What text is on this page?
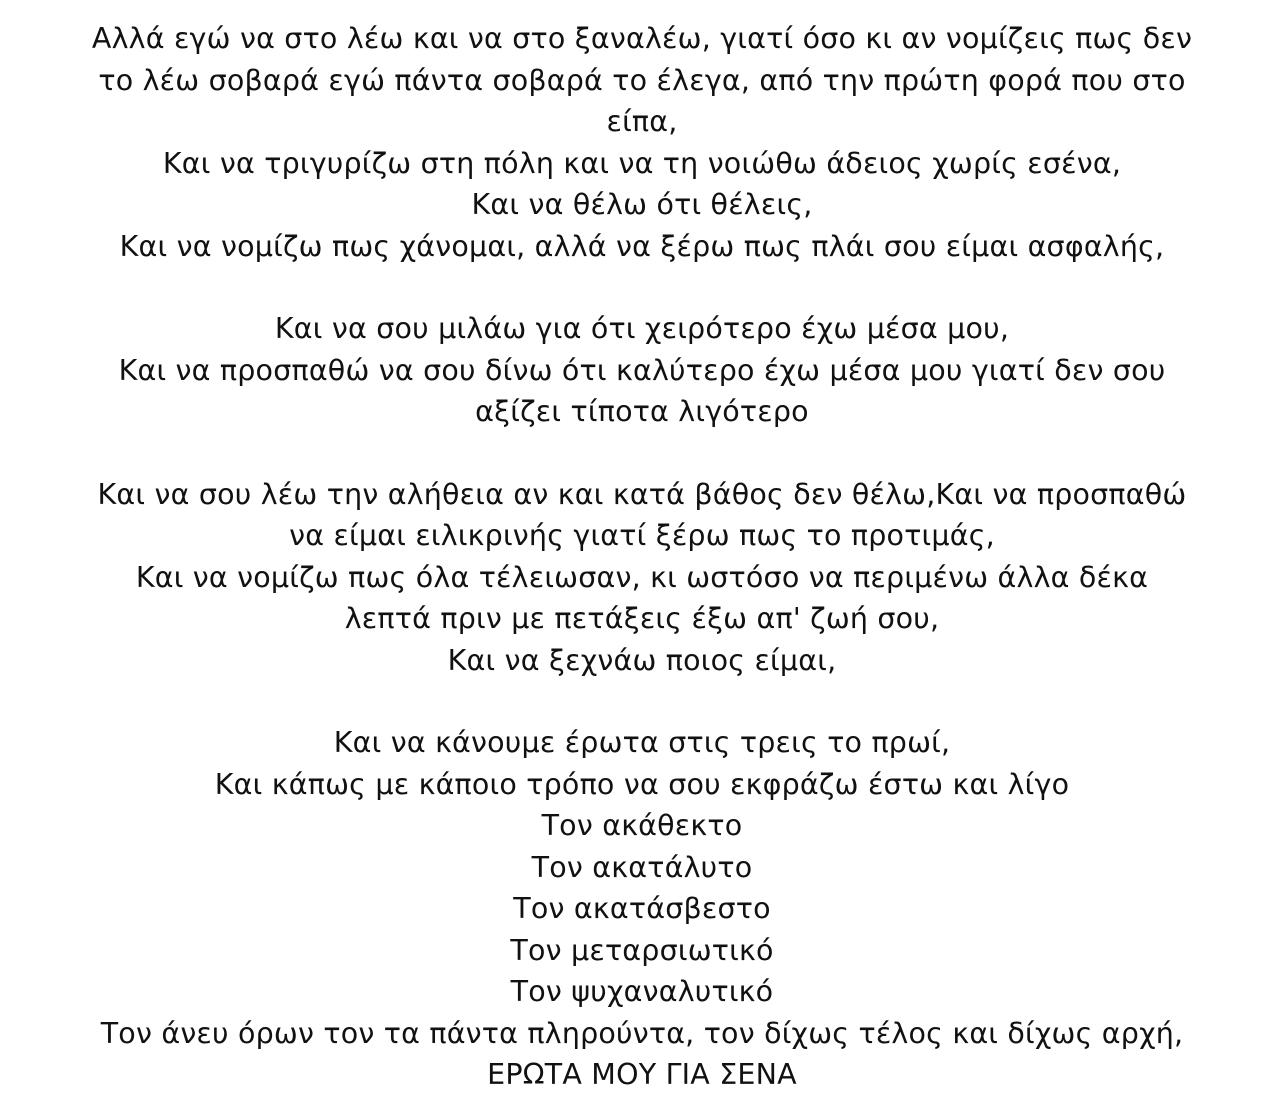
Αλλά εγώ να στο λέω και να στο ξαναλέω, γιατί όσο κι αν νομίζεις πως δεν το λέω σοβαρά εγώ πάντα σοβαρά το έλεγα, από την πρώτη φορά που στο είπα,
Και να τριγυρίζω στη πόλη και να τη νοιώθω άδειος χωρίς εσένα,
Και να θέλω ότι θέλεις,
Και να νομίζω πως χάνομαι, αλλά να ξέρω πως πλάι σου είμαι ασφαλής,
Και να σου μιλάω για ότι χειρότερο έχω μέσα μου,
Και να προσπαθώ να σου δίνω ότι καλύτερο έχω μέσα μου γιατί δεν σου αξίζει τίποτα λιγότερο
Και να σου λέω την αλήθεια αν και κατά βάθος δεν θέλω,Και να προσπαθώ να είμαι ειλικρινής γιατί ξέρω πως το προτιμάς,
Και να νομίζω πως όλα τέλειωσαν, κι ωστόσο να περιμένω άλλα δέκα λεπτά πριν με πετάξεις έξω απ' ζωή σου,
Και να ξεχνάω ποιος είμαι,
Και να κάνουμε έρωτα στις τρεις το πρωί,
Και κάπως με κάποιο τρόπο να σου εκφράζω έστω και λίγο
Τον ακάθεκτο
Τον ακατάλυτο
Τον ακατάσβεστο
Τον μεταρσιωτικό
Τον ψυχαναλυτικό
Τον άνευ όρων τον τα πάντα πληρούντα, τον δίχως τέλος και δίχως αρχή,
ΕΡΩΤΑ ΜΟΥ ΓΙΑ ΣΕΝΑ
